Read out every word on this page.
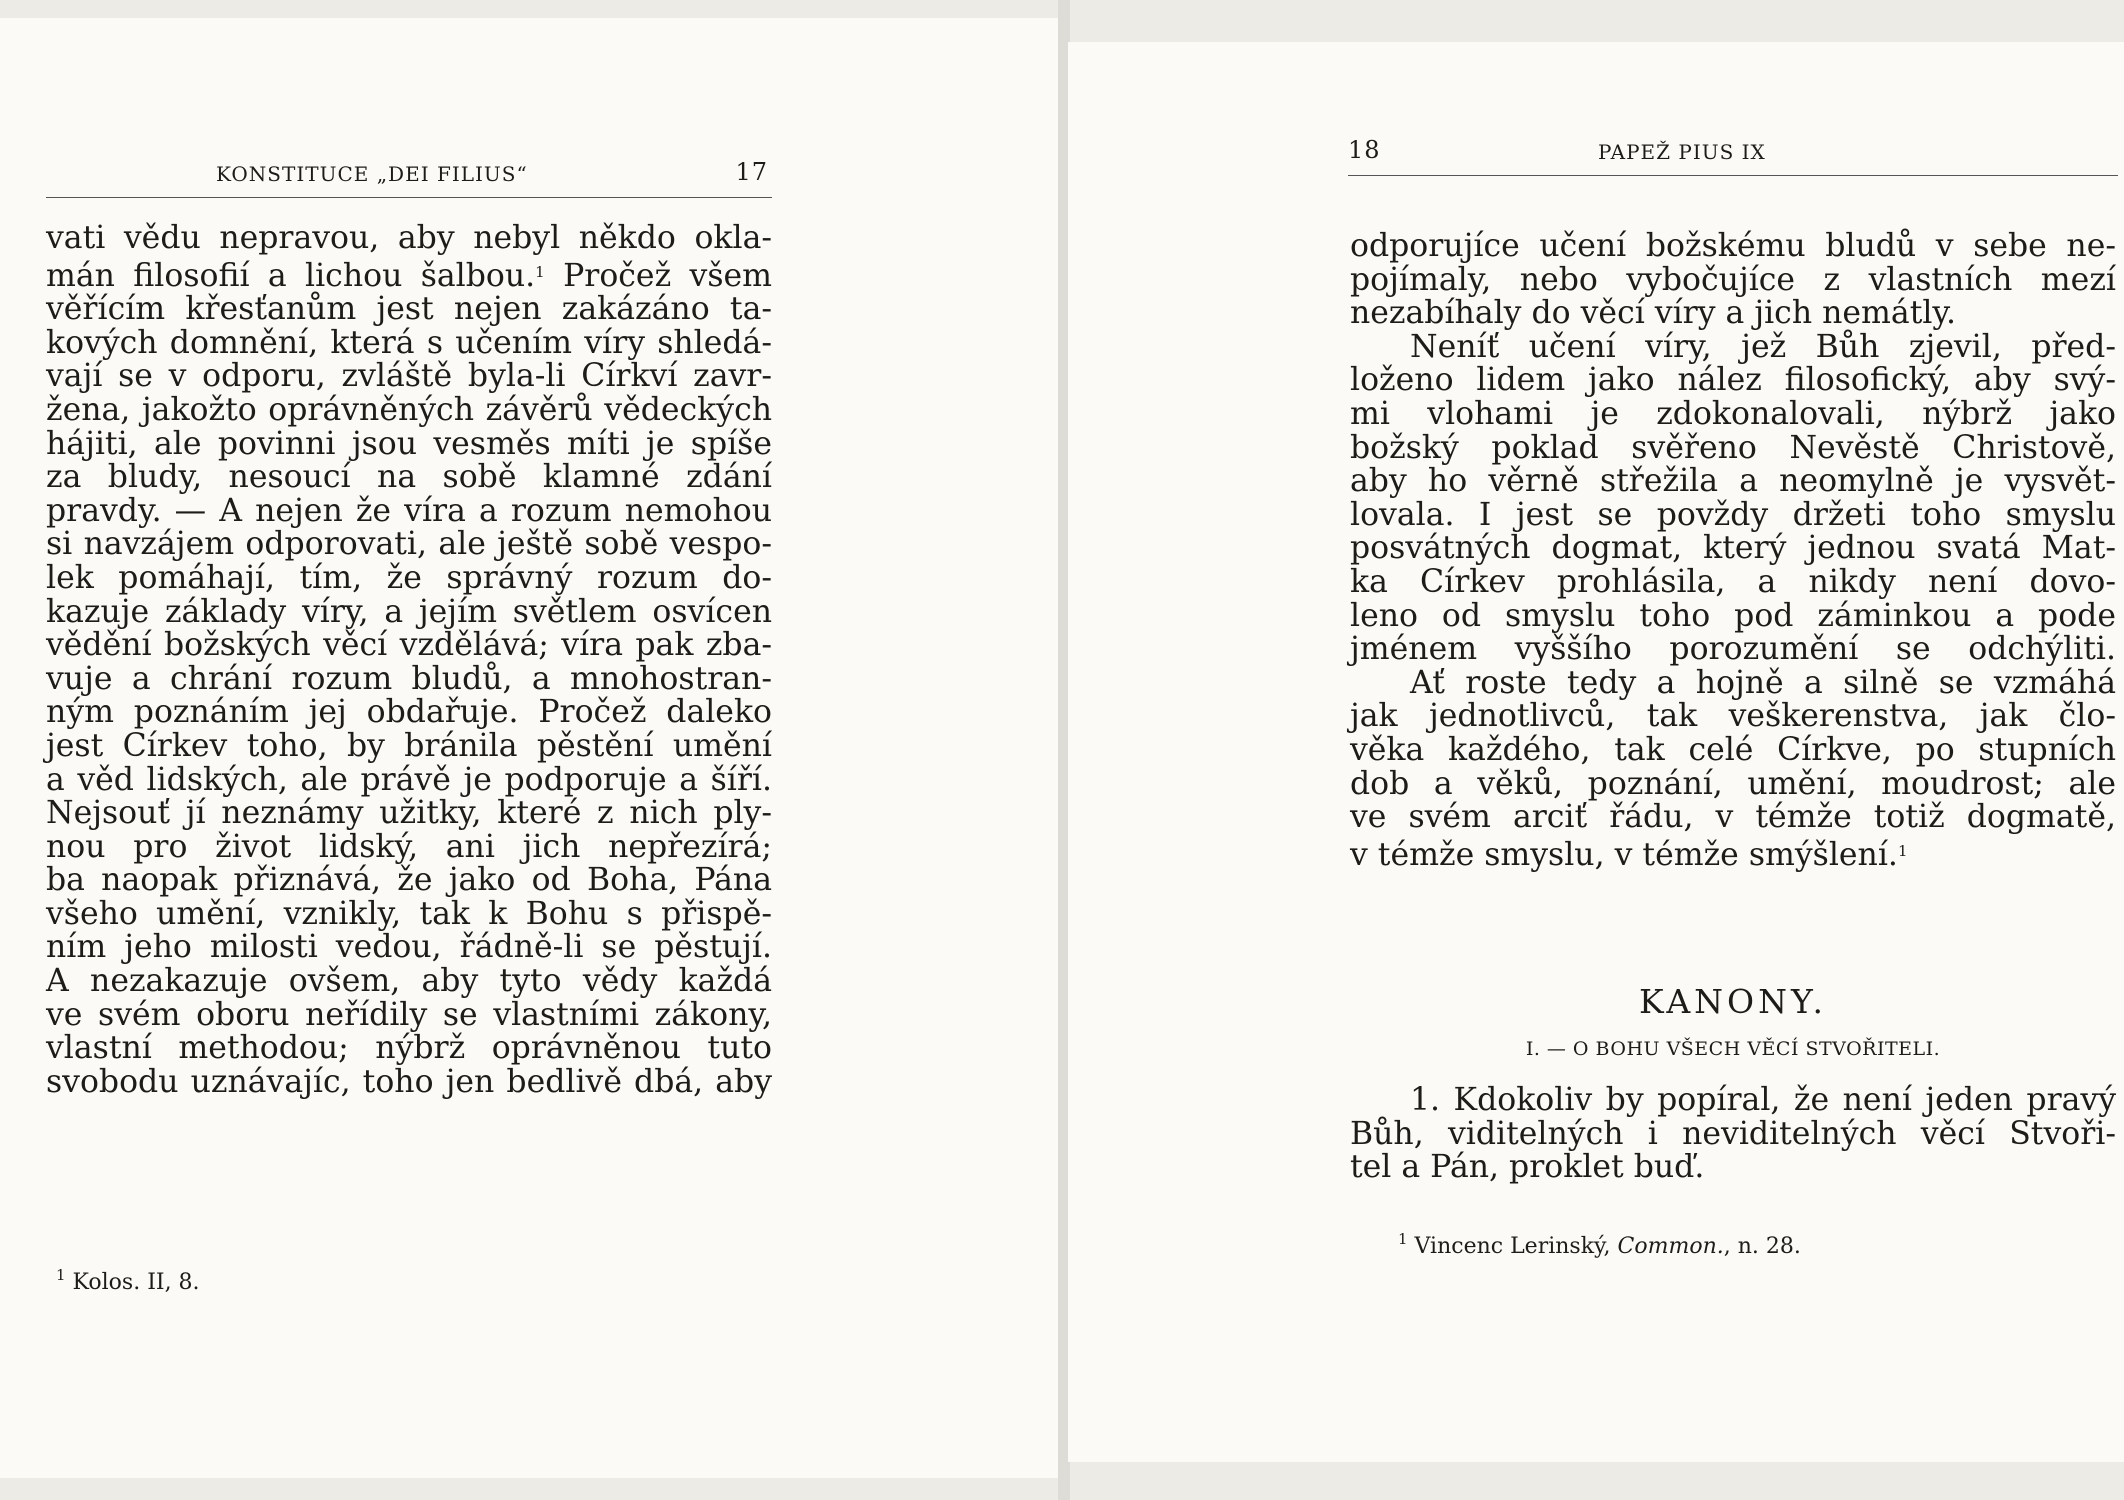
KONSTITUCE „DEI FILIUS“	17
vati vědu nepravou, aby nebyl někdo okla-
mán filosofií a lichou šalbou.$^1$ Pročež všem
věřícím křesťanům jest nejen zakázáno ta-
kových domnění, která s učením víry shledá-
vají se v odporu, zvláště byla-li Církví zavr-
žena, jakožto oprávněných závěrů vědeckých
hájiti, ale povinni jsou vesměs míti je spíše
za bludy, nesoucí na sobě klamné zdání
pravdy. — A nejen že víra a rozum nemohou
si navzájem odporovati, ale ještě sobě vespo-
lek pomáhají, tím, že správný rozum do-
kazuje základy víry, a jejím světlem osvícen
vědění božských věcí vzdělává; víra pak zba-
vuje a chrání rozum bludů, a mnohostran-
ným poznáním jej obdařuje. Pročež daleko
jest Církev toho, by bránila pěstění umění
a věd lidských, ale právě je podporuje a šíří.
Nejsouť jí neznámy užitky, které z nich ply-
nou pro život lidský, ani jich nepřezírá;
ba naopak přiznává, že jako od Boha, Pána
všeho umění, vznikly, tak k Bohu s přispě-
ním jeho milosti vedou, řádně-li se pěstují.
A nezakazuje ovšem, aby tyto vědy každá
ve svém oboru neřídily se vlastními zákony,
vlastní methodou; nýbrž oprávněnou tuto
svobodu uznávajíc, toho jen bedlivě dbá, aby
$^1$ Kolos. II, 8.
18	PAPEŽ PIUS IX
odporujíce učení božskému bludů v sebe ne-
pojímaly, nebo vybočujíce z vlastních mezí
nezabíhaly do věcí víry a jich nemátly.
Neníť učení víry, jež Bůh zjevil, před-
loženo lidem jako nález filosofický, aby svý-
mi vlohami je zdokonalovali, nýbrž jako
božský poklad svěřeno Nevěstě Christově,
aby ho věrně střežila a neomylně je vysvět-
lovala. I jest se povždy držeti toho smyslu
posvátných dogmat, který jednou svatá Mat-
ka Církev prohlásila, a nikdy není dovo-
leno od smyslu toho pod záminkou a pode
jménem vyššího porozumění se odchýliti.
Ať roste tedy a hojně a silně se vzmáhá
jak jednotlivců, tak veškerenstva, jak člo-
věka každého, tak celé Církve, po stupních
dob a věků, poznání, umění, moudrost; ale
ve svém arciť řádu, v témže totiž dogmatě,
v témže smyslu, v témže smýšlení.$^1$
KANONY.
I. — O BOHU VŠECH VĚCÍ STVOŘITELI.
1. Kdokoliv by popíral, že není jeden pravý
Bůh, viditelných i neviditelných věcí Stvoři-
tel a Pán, proklet buď.
$^1$ Vincenc Lerinský, Common., n. 28.
